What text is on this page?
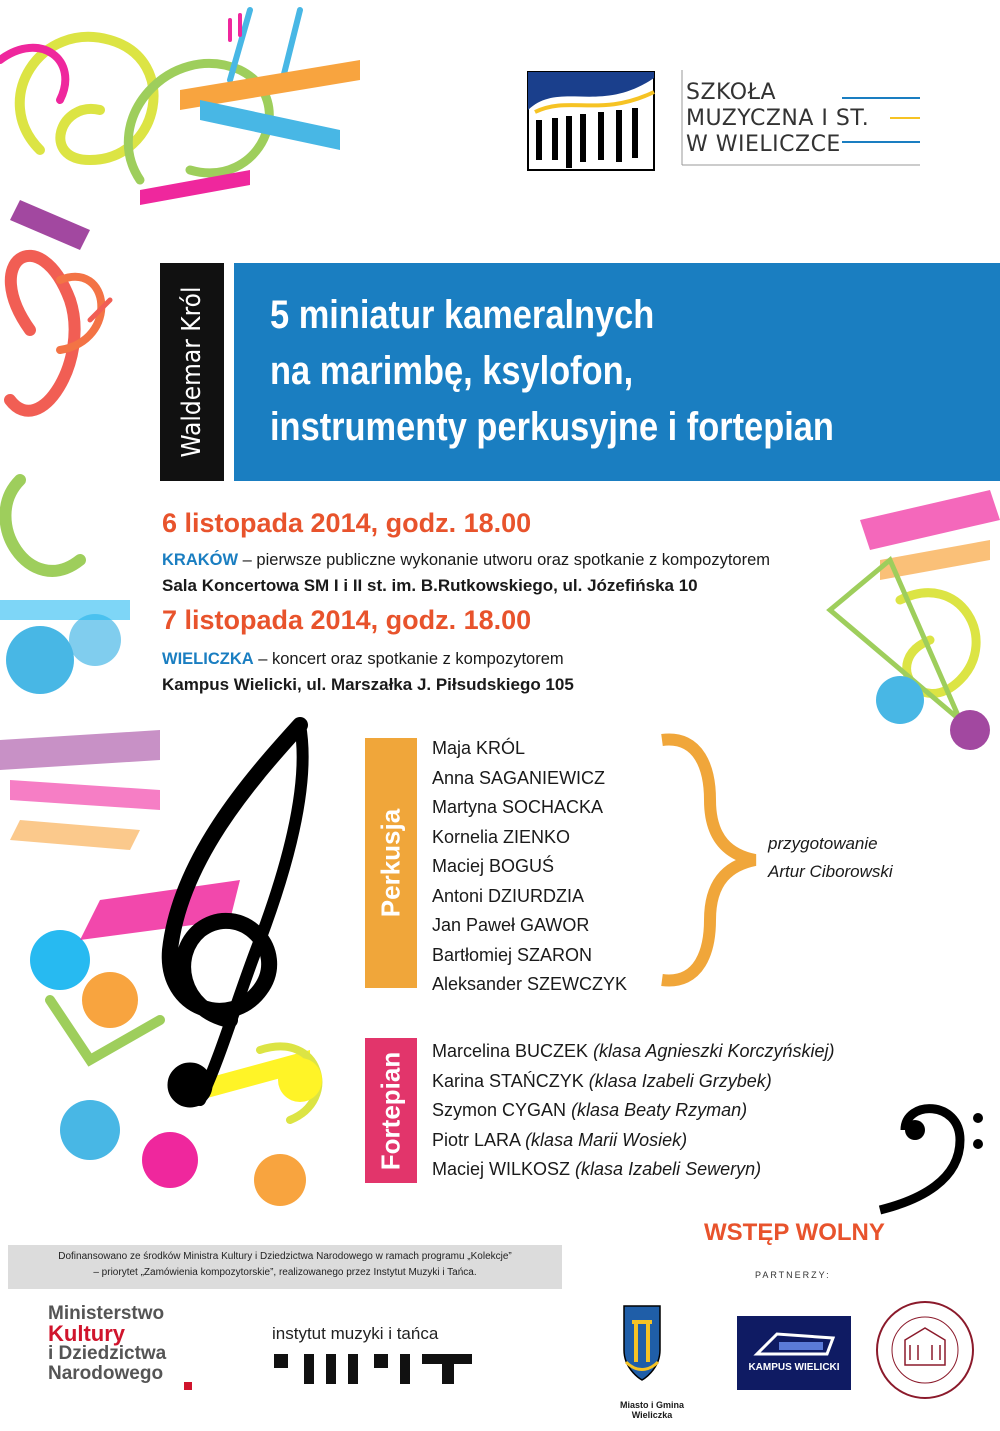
SZKOŁA
MUZYCZNA I ST.
W WIELICZCE
Waldemar Król 5 miniatur kameralnych
na marimbę, ksylofon,
instrumenty perkusyjne i fortepian
6 listopada 2014, godz. 18.00
KRAKÓW – pierwsze publiczne wykonanie utworu oraz spotkanie z kompozytorem
Sala Koncertowa SM I i II st. im. B.Rutkowskiego, ul. Józefińska 10
7 listopada 2014, godz. 18.00
WIELICZKA – koncert oraz spotkanie z kompozytorem
Kampus Wielicki, ul. Marszałka J. Piłsudskiego 105
Perkusja
Maja KRÓL
Anna SAGANIEWICZ
Martyna SOCHACKA
Kornelia ZIENKO
Maciej BOGUŚ
Antoni DZIURDZIA
Jan Paweł GAWOR
Bartłomiej SZARON
Aleksander SZEWCZYK
przygotowanie
Artur Ciborowski
Fortepian
Marcelina BUCZEK (klasa Agnieszki Korczyńskiej)
Karina STAŃCZYK (klasa Izabeli Grzybek)
Szymon CYGAN (klasa Beaty Rzyman)
Piotr LARA (klasa Marii Wosiek)
Maciej WILKOSZ (klasa Izabeli Seweryn)
Dofinansowano ze środków Ministra Kultury i Dziedzictwa Narodowego w ramach programu „Kolekcje”
– priorytet „Zamówienia kompozytorskie”, realizowanego przez Instytut Muzyki i Tańca.
WSTĘP WOLNY
PARTNERZY:
Ministerstwo
Kultury
i Dziedzictwa
Narodowego
instytut muzyki i tańca
Miasto i Gmina
Wieliczka
KAMPUS WIELICKI
